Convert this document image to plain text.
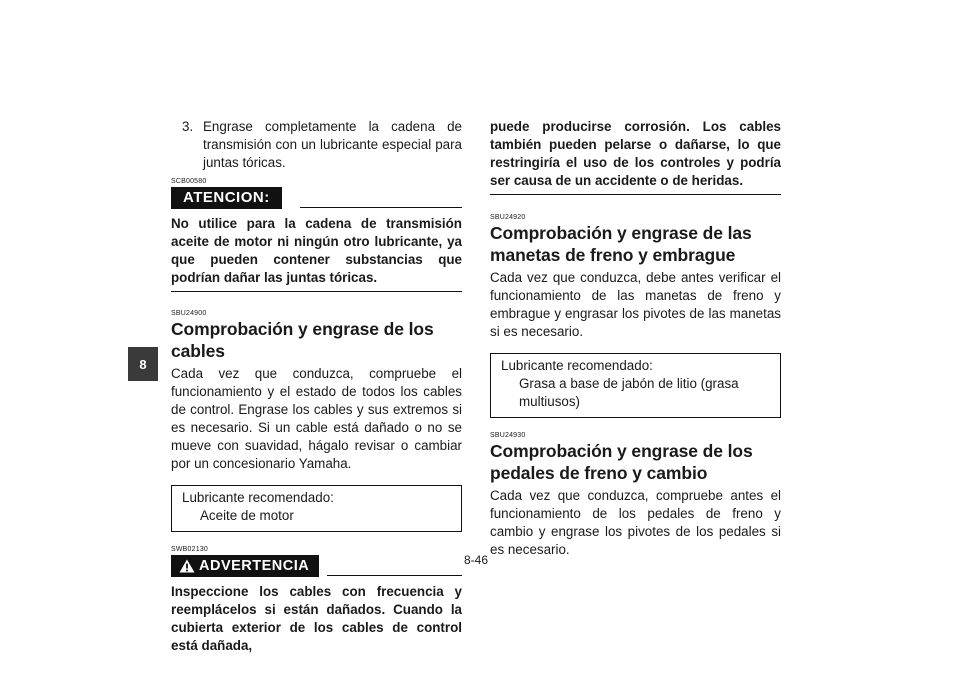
8
3. Engrase completamente la cadena de transmisión con un lubricante especial para juntas tóricas.
SCB00580
ATENCION:

No utilice para la cadena de transmisión aceite de motor ni ningún otro lubricante, ya que pueden contener substancias que podrían dañar las juntas tóricas.

SBU24900
Comprobación y engrase de los cables

Cada vez que conduzca, compruebe el funcionamiento y el estado de todos los cables de control. Engrase los cables y sus extremos si es necesario. Si un cable está dañado o no se mueve con suavidad, hágalo revisar o cambiar por un concesionario Yamaha.

Lubricante recomendado:
Aceite de motor
SWB02130
ADVERTENCIA

Inspeccione los cables con frecuencia y reemplácelos si están dañados. Cuando la cubierta exterior de los cables de control está dañada,

puede producirse corrosión. Los cables también pueden pelarse o dañarse, lo que restringiría el uso de los controles y podría ser causa de un accidente o de heridas.

SBU24920
Comprobación y engrase de las manetas de freno y embrague

Cada vez que conduzca, debe antes verificar el funcionamiento de las manetas de freno y embrague y engrasar los pivotes de las manetas si es necesario.

Lubricante recomendado:
Grasa a base de jabón de litio (grasa multiusos)
SBU24930
Comprobación y engrase de los pedales de freno y cambio

Cada vez que conduzca, compruebe antes el funcionamiento de los pedales de freno y cambio y engrase los pivotes de los pedales si es necesario.

8-46
